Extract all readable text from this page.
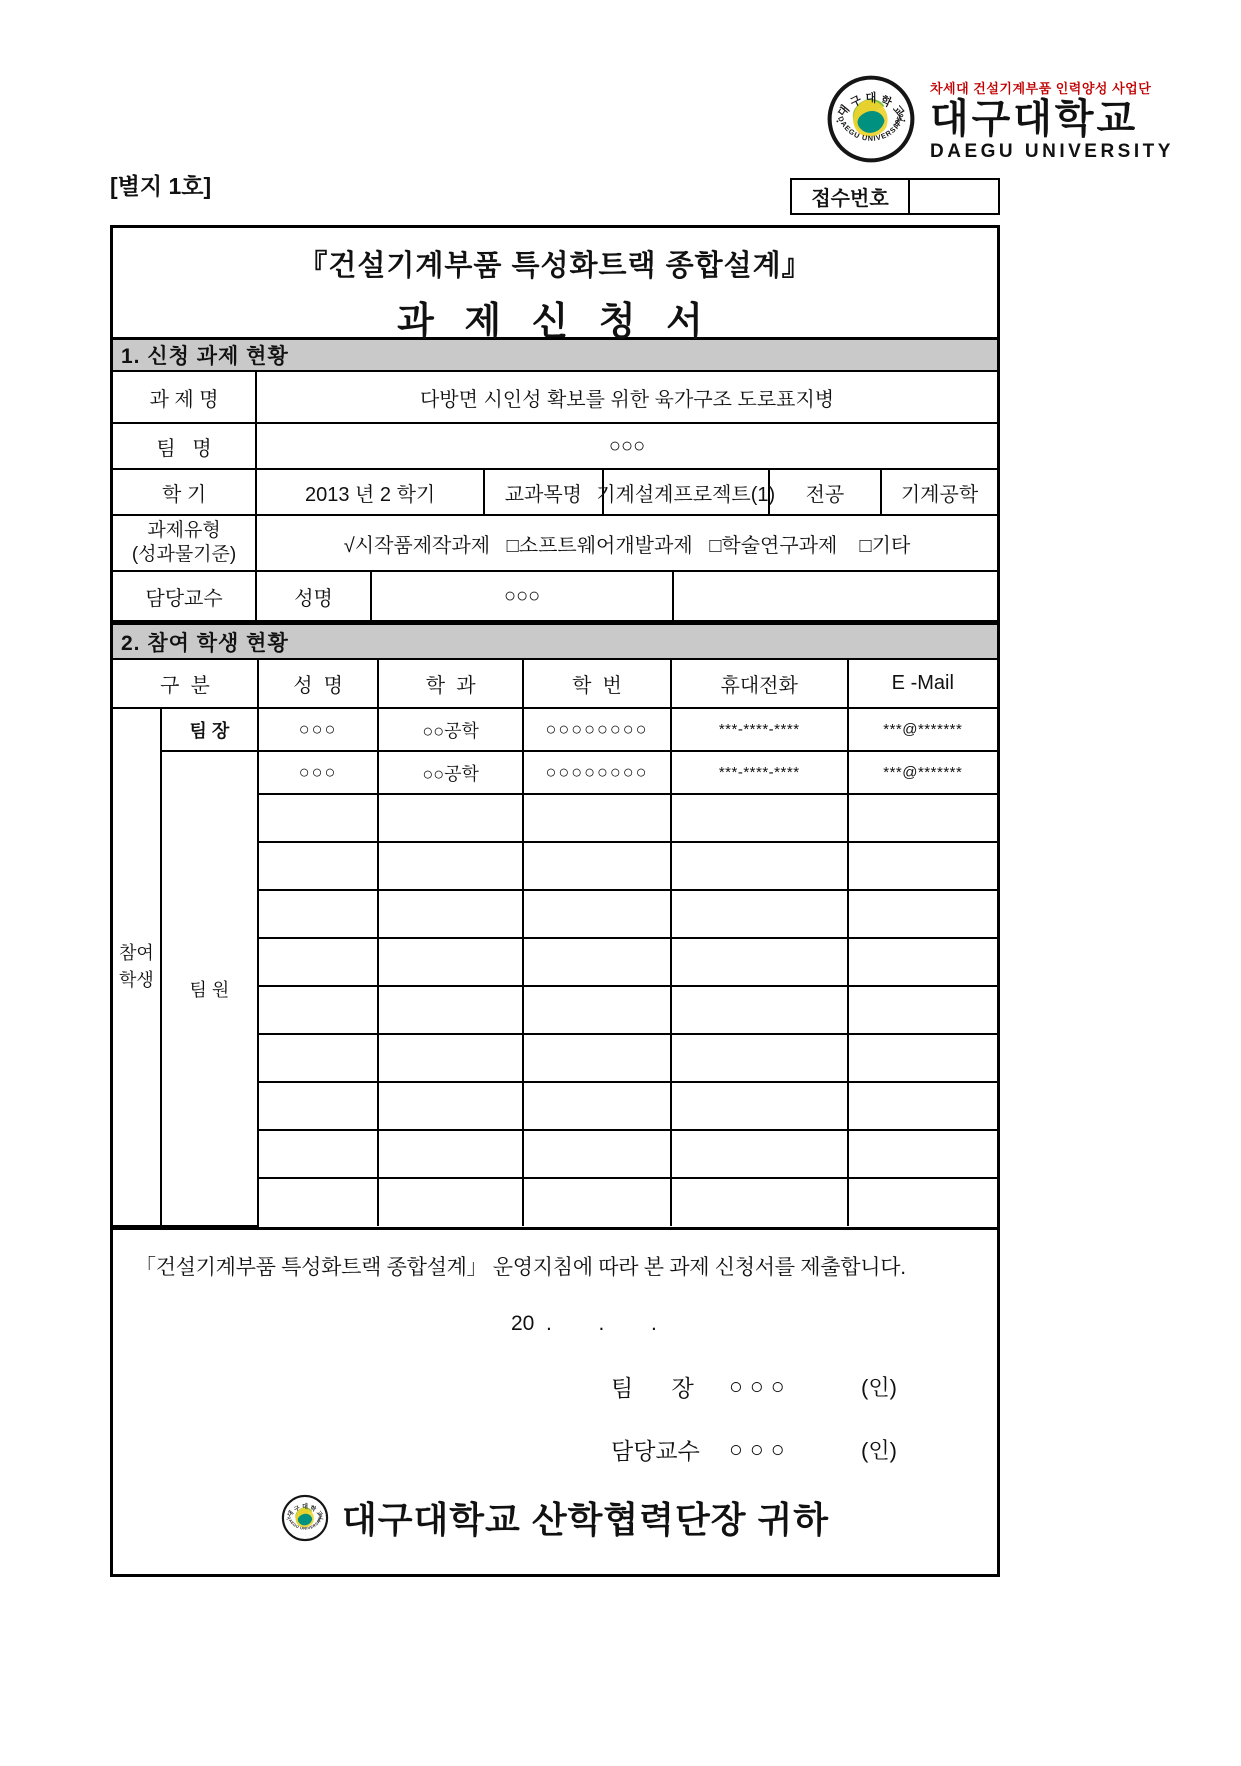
차세대 건설기계부품 인력양성 사업단
대구대학교
DAEGU UNIVERSITY
[별지 1호]	접수번호
『건설기계부품 특성화트랙 종합설계』
과 제 신 청 서
1. 신청 과제 현황
과 제 명	다방면 시인성 확보를 위한 육가구조 도로표지병
팀   명	○○○
학 기	2013 년 2 학기	교과목명 기계설계프로젝트(1)	전공	기계공학
과제유형
(성과물기준)	√시작품제작과제   □소프트웨어개발과제   □학술연구과제    □기타
담당교수	성명	○○○
2. 참여 학생 현황
구  분		성  명	학  과	학  번	휴대전화	E -Mail
참여
학생	팀 장	○○○	○○공학	○○○○○○○○	***-****-****	***@*******
	팀 원	○○○	○○공학	○○○○○○○○	***-****-****	***@*******

「건설기계부품 특성화트랙 종합설계」 운영지침에 따라 본 과제 신청서를 제출합니다.
20  .        .        .
팀      장	○○○	(인)
담당교수	○○○	(인)
대구대학교 산학협력단장 귀하
